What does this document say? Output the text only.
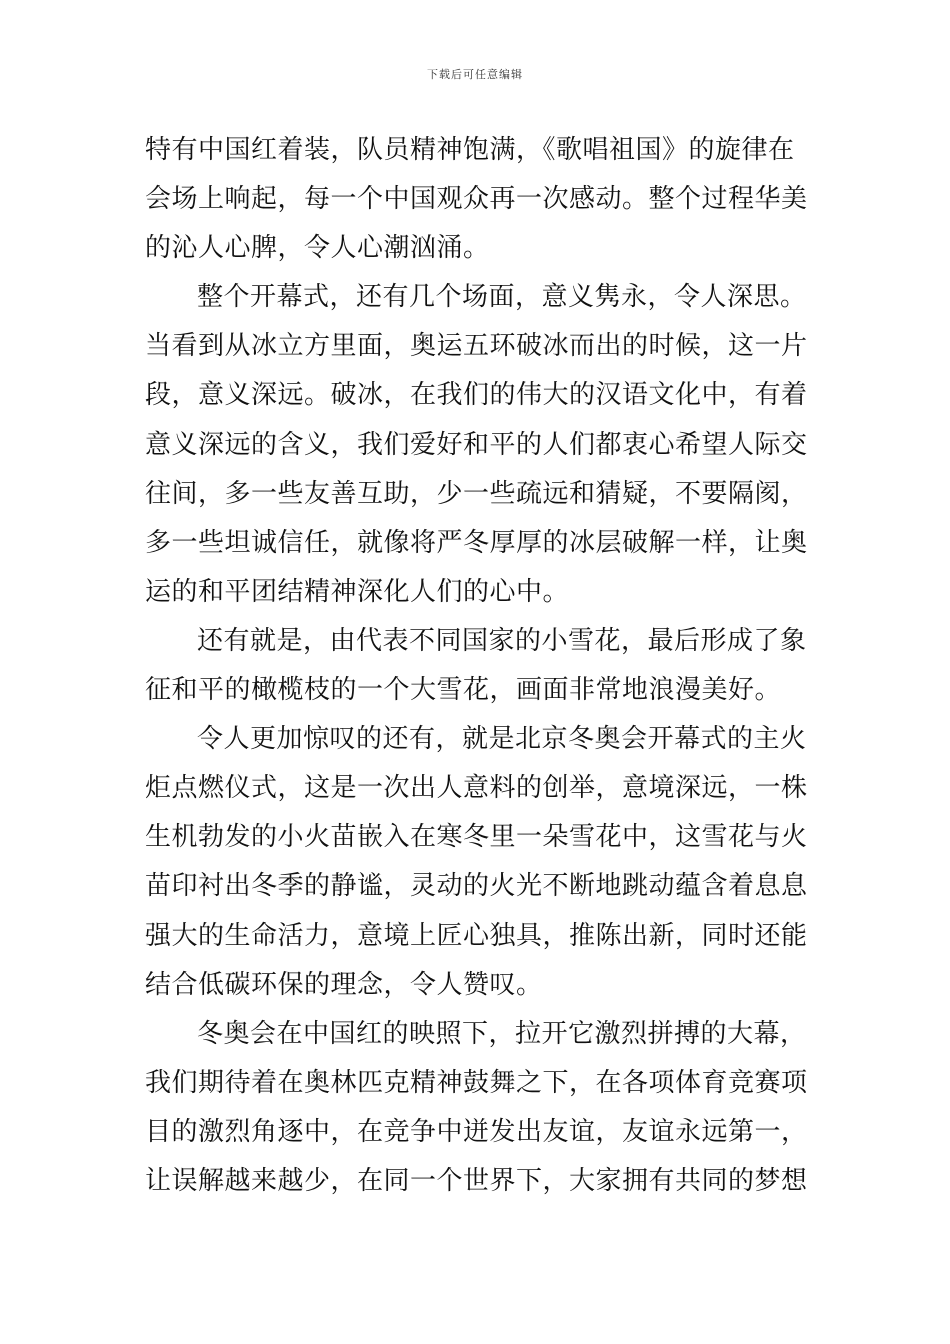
下载后可任意编辑
特有中国红着装，队员精神饱满，《歌唱祖国》的旋律在
会场上响起，每一个中国观众再一次感动。整个过程华美
的沁人心脾，令人心潮汹涌。
整个开幕式，还有几个场面，意义隽永，令人深思。
当看到从冰立方里面，奥运五环破冰而出的时候，这一片
段，意义深远。破冰，在我们的伟大的汉语文化中，有着
意义深远的含义，我们爱好和平的人们都衷心希望人际交
往间，多一些友善互助，少一些疏远和猜疑，不要隔阂，
多一些坦诚信任，就像将严冬厚厚的冰层破解一样，让奥
运的和平团结精神深化人们的心中。
还有就是，由代表不同国家的小雪花，最后形成了象
征和平的橄榄枝的一个大雪花，画面非常地浪漫美好。
令人更加惊叹的还有，就是北京冬奥会开幕式的主火
炬点燃仪式，这是一次出人意料的创举，意境深远，一株
生机勃发的小火苗嵌入在寒冬里一朵雪花中，这雪花与火
苗印衬出冬季的静谧，灵动的火光不断地跳动蕴含着息息
强大的生命活力，意境上匠心独具，推陈出新，同时还能
结合低碳环保的理念，令人赞叹。
冬奥会在中国红的映照下，拉开它激烈拼搏的大幕，
我们期待着在奥林匹克精神鼓舞之下，在各项体育竞赛项
目的激烈角逐中，在竞争中迸发出友谊，友谊永远第一，
让误解越来越少，在同一个世界下，大家拥有共同的梦想
